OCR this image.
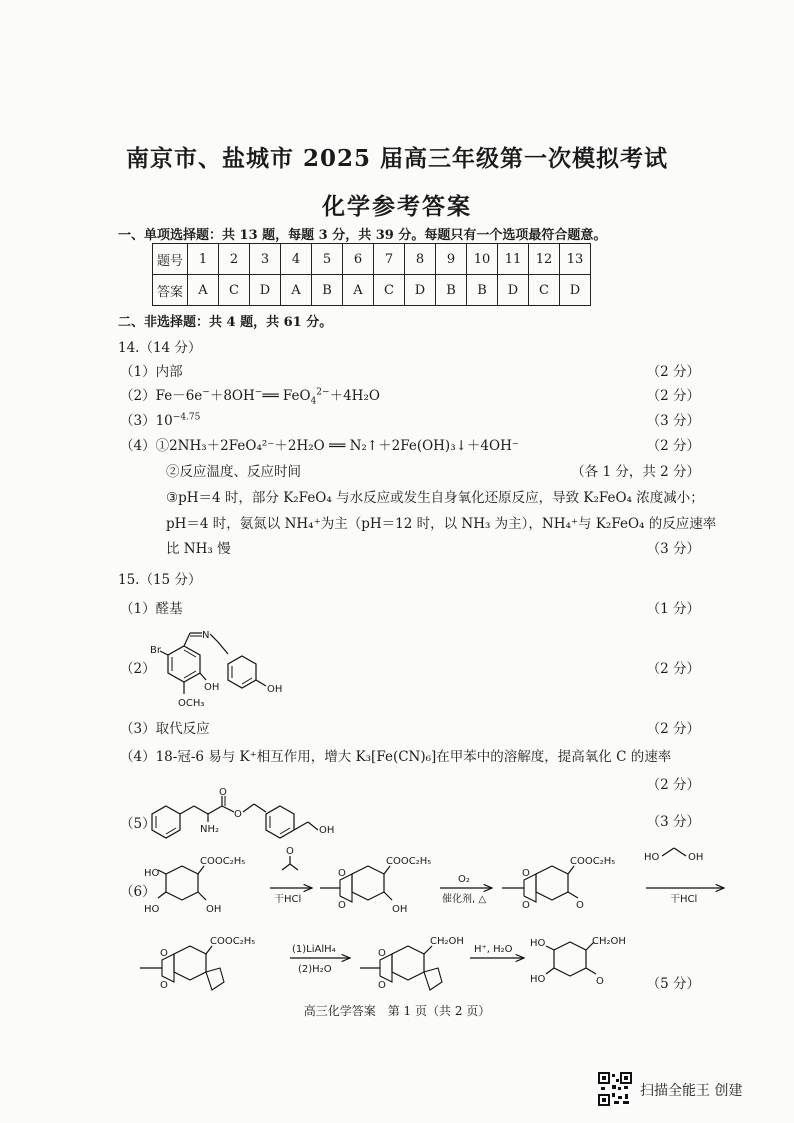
南京市、盐城市 2025 届高三年级第一次模拟考试
化学参考答案
一、单项选择题：共 13 题，每题 3 分，共 39 分。每题只有一个选项最符合题意。
题号	1	2	3	4	5	6	7	8	9	10	11	12	13
答案	A	C	D	A	B	A	C	D	B	B	D	C	D
二、非选择题：共 4 题，共 61 分。
14.（14 分）
（1）内部	（2 分）
（2）Fe－6e−＋8OH−══ FeO$_4^{2-}$＋4H₂O	（2 分）
$(3)10^{-4.75}$	（3 分）
（4）①2NH₃＋2FeO₄²⁻＋2H₂O ══ N₂↑＋2Fe(OH)₃↓＋4OH⁻	（2 分）
②反应温度、反应时间	（各 1 分，共 2 分）
③pH＝4 时，部分 K₂FeO₄ 与水反应或发生自身氧化还原反应，导致 K₂FeO₄ 浓度减小；
pH＝4 时，氨氮以 NH₄⁺为主（pH＝12 时，以 NH₃ 为主），NH₄⁺与 K₂FeO₄ 的反应速率
比 NH₃ 慢	（3 分）
15.（15 分）
（1）醛基	（1 分）
（2）	（2 分）
Br
N
OH
OH
OCH₃
（3）取代反应	（2 分）
（4）18-冠-6 易与 K⁺相互作用，增大 K₃[Fe(CN)₆]在甲苯中的溶解度，提高氧化 C 的速率
（2 分）
（5）	（3 分）
NH₂
O
O
OH
（6）
（5 分）
HO
HO
COOC₂H₅
OH
O
干HCl
O
O
COOC₂H₅
OH
O₂
催化剂, △
O
O
COOC₂H₅
O
HO	OH
干HCl
O
O
COOC₂H₅
(1)LiAlH₄
(2)H₂O
O
O
CH₂OH
H⁺, H₂O
HO
HO
CH₂OH
O
高三化学答案　第 1 页（共 2 页）
扫描全能王 创建
